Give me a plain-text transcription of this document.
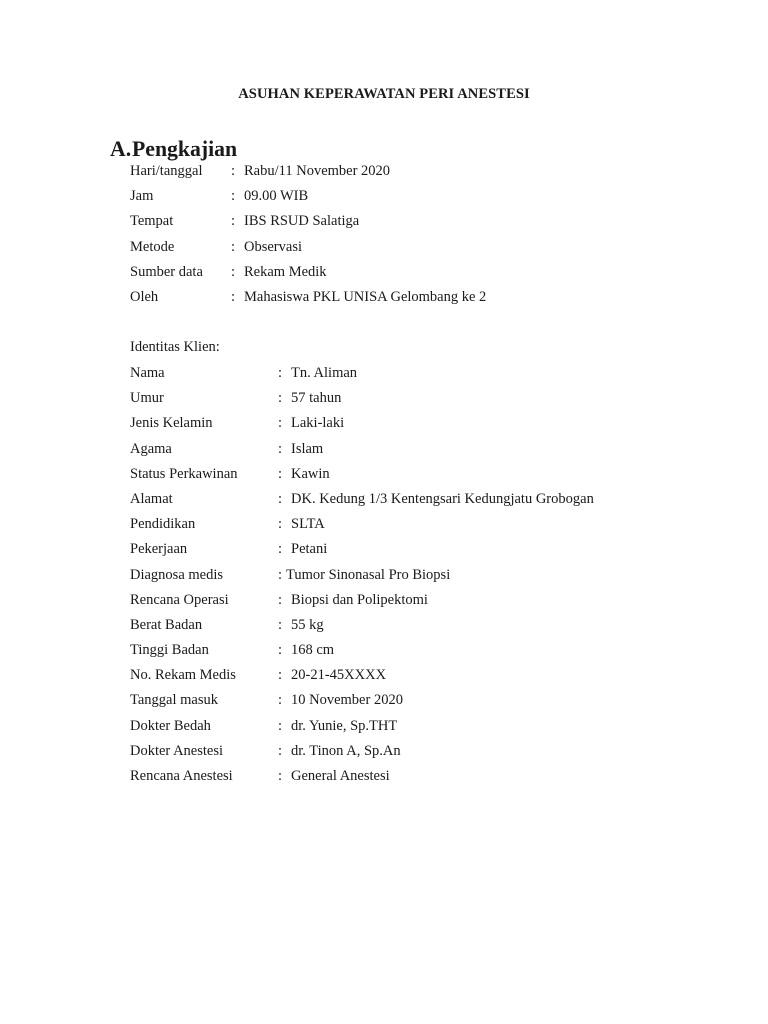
ASUHAN KEPERAWATAN PERI ANESTESI
A.Pengkajian
Hari/tanggal : Rabu/11 November 2020
Jam	: 09.00 WIB
Tempat	: IBS RSUD Salatiga
Metode	: Observasi
Sumber data : Rekam Medik
Oleh	: Mahasiswa PKL UNISA Gelombang ke 2

Identitas Klien:

Nama	: Tn. Aliman
Umur	: 57 tahun
Jenis Kelamin	: Laki-laki
Agama	: Islam
Status Perkawinan	: Kawin
Alamat	: DK. Kedung 1/3 Kentengsari Kedungjatu Grobogan
Pendidikan	: SLTA
Pekerjaan	: Petani
Diagnosa medis	: Tumor Sinonasal Pro Biopsi
Rencana Operasi	: Biopsi dan Polipektomi
Berat Badan	: 55 kg
Tinggi Badan	: 168 cm
No. Rekam Medis	: 20-21-45XXXX
Tanggal masuk	: 10 November 2020
Dokter Bedah	: dr. Yunie, Sp.THT
Dokter Anestesi	: dr. Tinon A, Sp.An
Rencana Anestesi	: General Anestesi
